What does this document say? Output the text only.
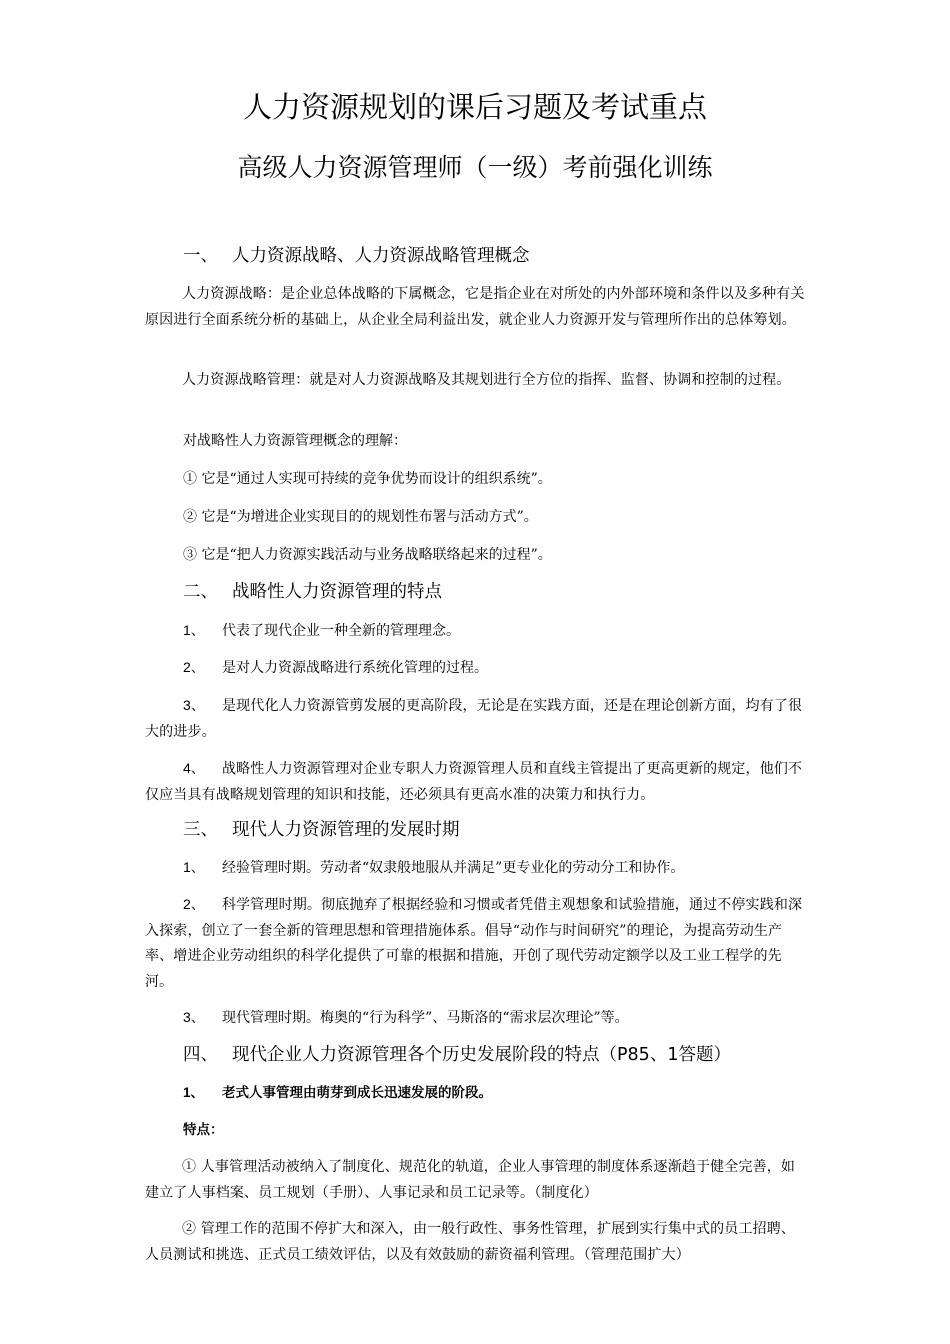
人力资源规划的课后习题及考试重点
高级人力资源管理师（一级）考前强化训练
一、 人力资源战略、人力资源战略管理概念

人力资源战略：是企业总体战略的下属概念，它是指企业在对所处的内外部环境和条件以及多种有关原因进行全面系统分析的基础上，从企业全局利益出发，就企业人力资源开发与管理所作出的总体筹划。

人力资源战略管理：就是对人力资源战略及其规划进行全方位的指挥、监督、协调和控制的过程。

对战略性人力资源管理概念的理解：
① 它是“通过人实现可持续的竞争优势而设计的组织系统”。
② 它是“为增进企业实现目的的规划性布署与活动方式”。
③ 它是“把人力资源实践活动与业务战略联络起来的过程”。
二、 战略性人力资源管理的特点
1、 代表了现代企业一种全新的管理理念。
2、 是对人力资源战略进行系统化管理的过程。

3、 是现代化人力资源管剪发展的更高阶段，无论是在实践方面，还是在理论创新方面，均有了很大的进步。

4、 战略性人力资源管理对企业专职人力资源管理人员和直线主管提出了更高更新的规定，他们不仅应当具有战略规划管理的知识和技能，还必须具有更高水准的决策力和执行力。

三、 现代人力资源管理的发展时期
1、 经验管理时期。劳动者“奴隶般地服从并满足”更专业化的劳动分工和协作。

2、 科学管理时期。彻底抛弃了根据经验和习惯或者凭借主观想象和试验措施，通过不停实践和深入探索，创立了一套全新的管理思想和管理措施体系。倡导“动作与时间研究”的理论，为提高劳动生产率、增进企业劳动组织的科学化提供了可靠的根据和措施，开创了现代劳动定额学以及工业工程学的先河。

3、 现代管理时期。梅奥的“行为科学”、马斯洛的“需求层次理论”等。
四、 现代企业人力资源管理各个历史发展阶段的特点（P85、1答题）
1、 老式人事管理由萌芽到成长迅速发展的阶段。
特点：

① 人事管理活动被纳入了制度化、规范化的轨道，企业人事管理的制度体系逐渐趋于健全完善，如建立了人事档案、员工规划（手册）、人事记录和员工记录等。（制度化）

② 管理工作的范围不停扩大和深入，由一般行政性、事务性管理，扩展到实行集中式的员工招聘、人员测试和挑选、正式员工绩效评估，以及有效鼓励的薪资福利管理。（管理范围扩大）
